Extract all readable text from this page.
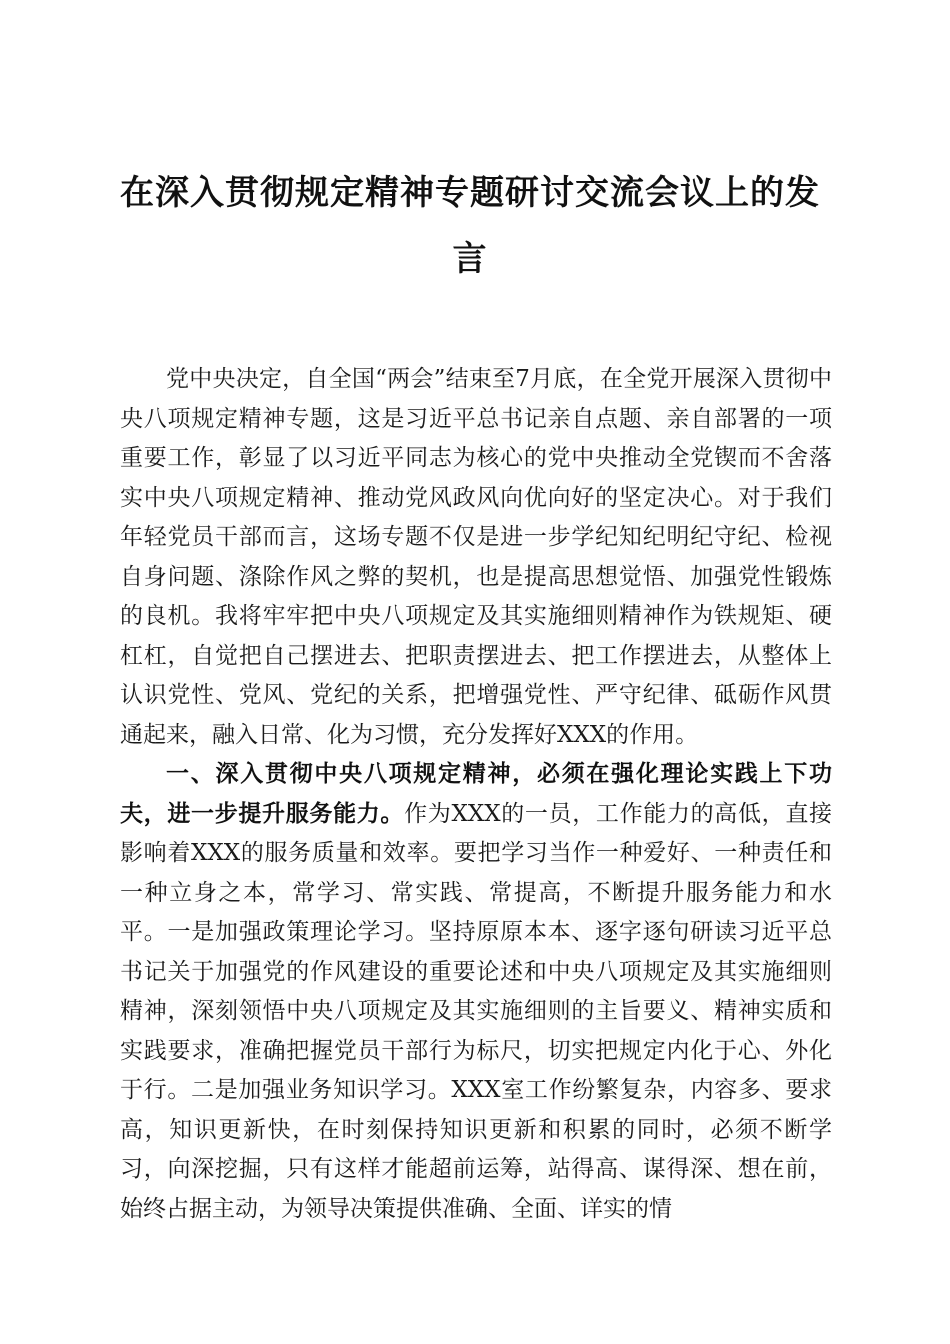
在深入贯彻规定精神专题研讨交流会议上的发
言

党中央决定，自全国“两会”结束至7月底，在全党开展深入贯彻中央八项规定精神专题，这是习近平总书记亲自点题、亲自部署的一项重要工作，彰显了以习近平同志为核心的党中央推动全党锲而不舍落实中央八项规定精神、推动党风政风向优向好的坚定决心。对于我们年轻党员干部而言，这场专题不仅是进一步学纪知纪明纪守纪、检视自身问题、涤除作风之弊的契机，也是提高思想觉悟、加强党性锻炼的良机。我将牢牢把中央八项规定及其实施细则精神作为铁规矩、硬杠杠，自觉把自己摆进去、把职责摆进去、把工作摆进去，从整体上认识党性、党风、党纪的关系，把增强党性、严守纪律、砥砺作风贯通起来，融入日常、化为习惯，充分发挥好XXX的作用。

一、深入贯彻中央八项规定精神，必须在强化理论实践上下功夫，进一步提升服务能力。作为XXX的一员，工作能力的高低，直接影响着XXX的服务质量和效率。要把学习当作一种爱好、一种责任和一种立身之本，常学习、常实践、常提高，不断提升服务能力和水平。一是加强政策理论学习。坚持原原本本、逐字逐句研读习近平总书记关于加强党的作风建设的重要论述和中央八项规定及其实施细则精神，深刻领悟中央八项规定及其实施细则的主旨要义、精神实质和实践要求，准确把握党员干部行为标尺，切实把规定内化于心、外化于行。二是加强业务知识学习。XXX室工作纷繁复杂，内容多、要求高，知识更新快，在时刻保持知识更新和积累的同时，必须不断学习，向深挖掘，只有这样才能超前运筹，站得高、谋得深、想在前，始终占据主动，为领导决策提供准确、全面、详实的情
